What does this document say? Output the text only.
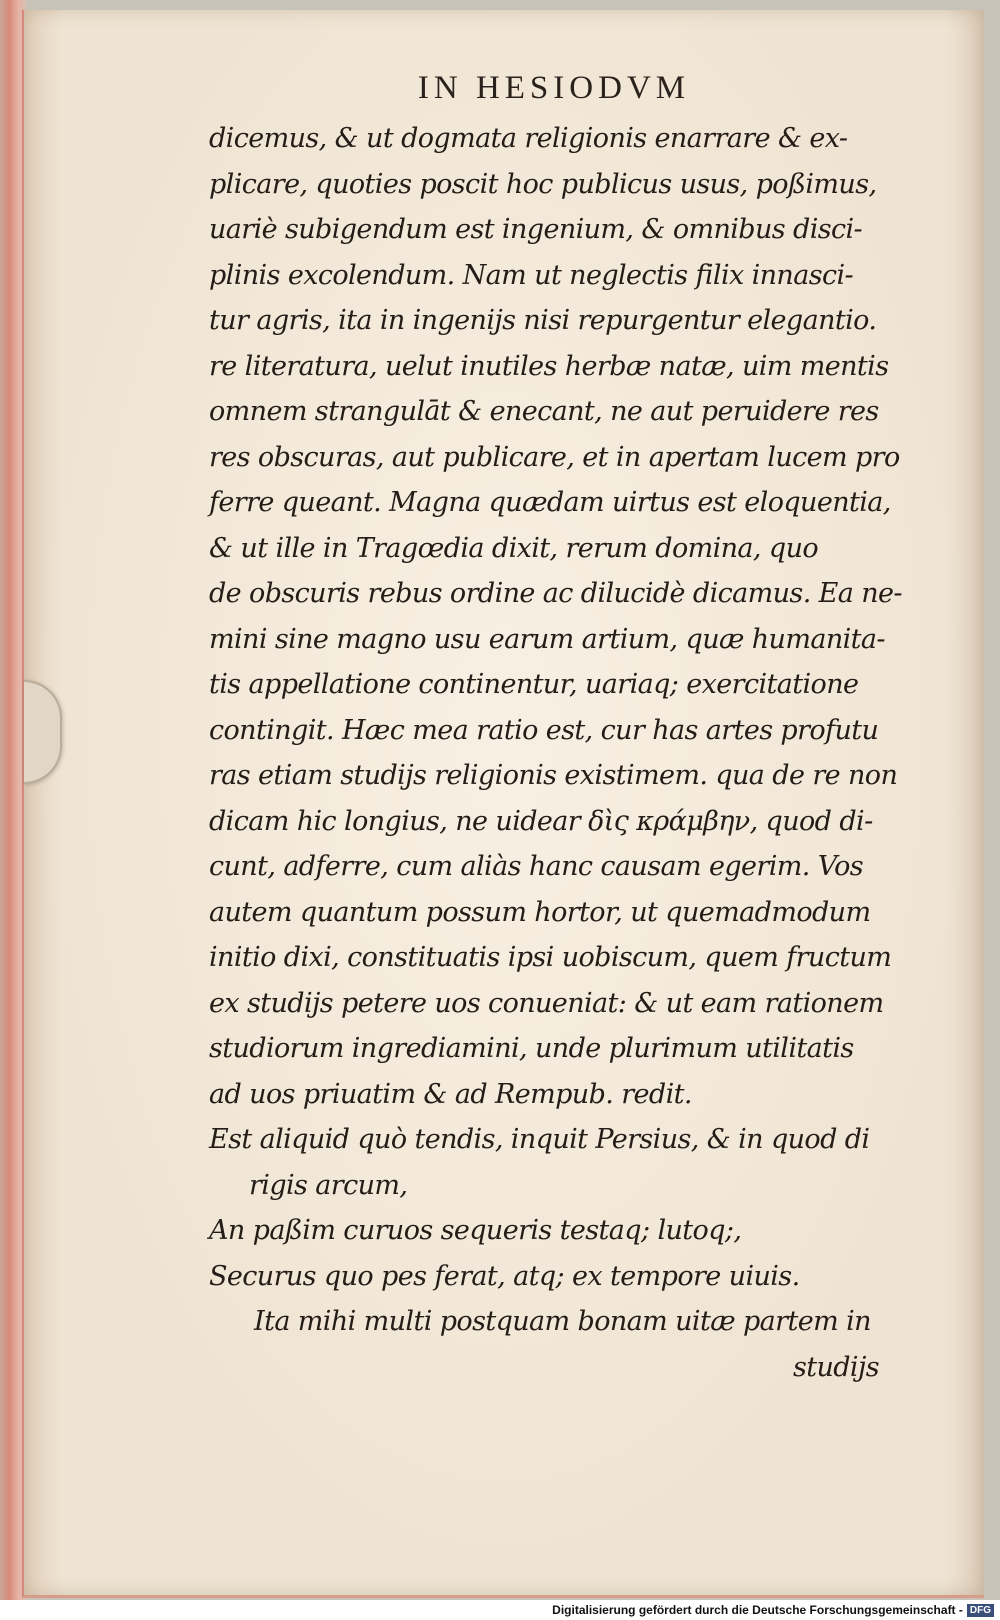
IN HESIODVM
dicemus, & ut dogmata religionis enarrare & ex-
plicare, quoties poscit hoc publicus usus, poßimus,
uariè subigendum est ingenium, & omnibus disci-
plinis excolendum. Nam ut neglectis filix innasci-
tur agris, ita in ingenijs nisi repurgentur elegantio.
re literatura, uelut inutiles herbæ natæ, uim mentis
omnem strangulāt & enecant, ne aut peruidere res
res obscuras, aut publicare, et in apertam lucem pro
ferre queant. Magna quædam uirtus est eloquentia,
& ut ille in Tragœdia dixit, rerum domina, quo
de obscuris rebus ordine ac dilucidè dicamus. Ea ne-
mini sine magno usu earum artium, quæ humanita-
tis appellatione continentur, uariaq; exercitatione
contingit. Hæc mea ratio est, cur has artes profutu
ras etiam studijs religionis existimem. qua de re non
dicam hic longius, ne uidear δὶς κράμβην, quod di-
cunt, adferre, cum aliàs hanc causam egerim. Vos
autem quantum possum hortor, ut quemadmodum
initio dixi, constituatis ipsi uobiscum, quem fructum
ex studijs petere uos conueniat: & ut eam rationem
studiorum ingrediamini, unde plurimum utilitatis
ad uos priuatim & ad Rempub. redit.
Est aliquid quò tendis, inquit Persius, & in quod di
rigis arcum,
An paßim curuos sequeris testaq; lutoq;,
Securus quo pes ferat, atq; ex tempore uiuis.
Ita mihi multi postquam bonam uitæ partem in
studijs
Digitalisierung gefördert durch die Deutsche Forschungsgemeinschaft - DFG
